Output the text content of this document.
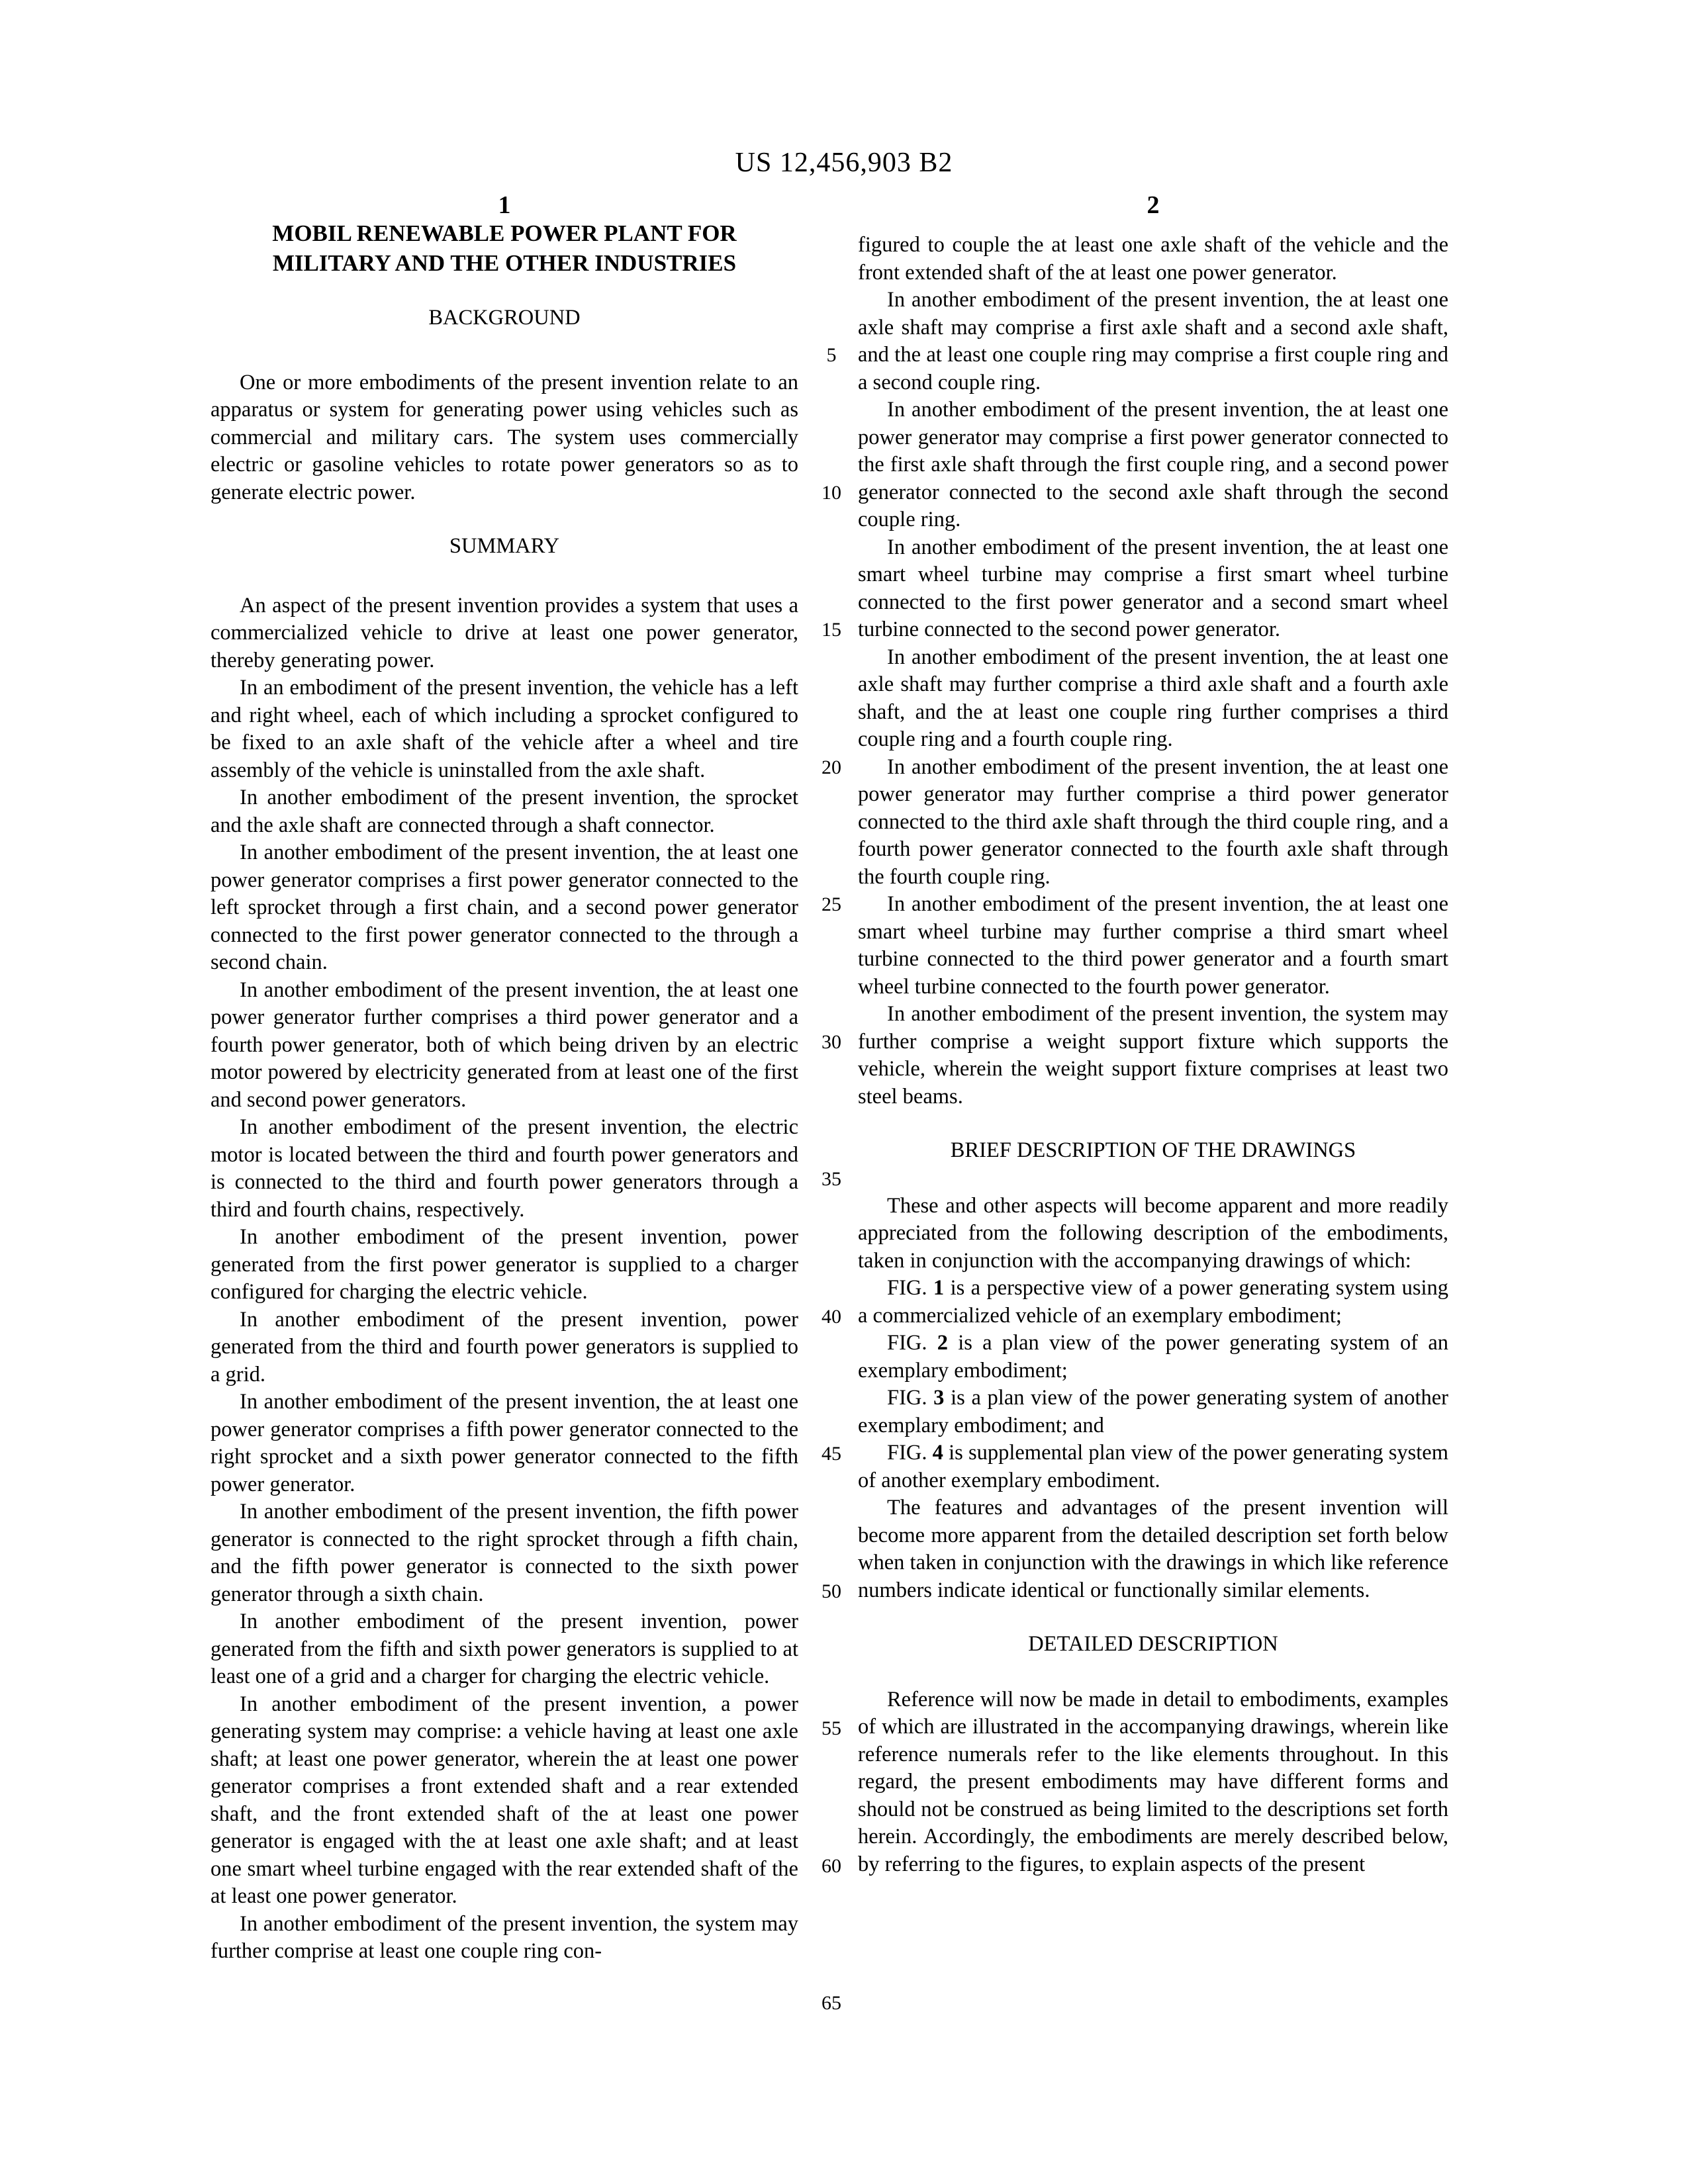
US 12,456,903 B2
1	2
5
10
15
20
25
30
35
40
45
50
55
60
65

MOBIL RENEWABLE POWER PLANT FOR MILITARY AND THE OTHER INDUSTRIES

BACKGROUND

One or more embodiments of the present invention relate to an apparatus or system for generating power using vehicles such as commercial and military cars. The system uses commercially electric or gasoline vehicles to rotate power generators so as to generate electric power.

SUMMARY

An aspect of the present invention provides a system that uses a commercialized vehicle to drive at least one power generator, thereby generating power.

In an embodiment of the present invention, the vehicle has a left and right wheel, each of which including a sprocket configured to be fixed to an axle shaft of the vehicle after a wheel and tire assembly of the vehicle is uninstalled from the axle shaft.

In another embodiment of the present invention, the sprocket and the axle shaft are connected through a shaft connector.

In another embodiment of the present invention, the at least one power generator comprises a first power generator connected to the left sprocket through a first chain, and a second power generator connected to the first power generator connected to the through a second chain.

In another embodiment of the present invention, the at least one power generator further comprises a third power generator and a fourth power generator, both of which being driven by an electric motor powered by electricity generated from at least one of the first and second power generators.

In another embodiment of the present invention, the electric motor is located between the third and fourth power generators and is connected to the third and fourth power generators through a third and fourth chains, respectively.

In another embodiment of the present invention, power generated from the first power generator is supplied to a charger configured for charging the electric vehicle.

In another embodiment of the present invention, power generated from the third and fourth power generators is supplied to a grid.

In another embodiment of the present invention, the at least one power generator comprises a fifth power generator connected to the right sprocket and a sixth power generator connected to the fifth power generator.

In another embodiment of the present invention, the fifth power generator is connected to the right sprocket through a fifth chain, and the fifth power generator is connected to the sixth power generator through a sixth chain.

In another embodiment of the present invention, power generated from the fifth and sixth power generators is supplied to at least one of a grid and a charger for charging the electric vehicle.

In another embodiment of the present invention, a power generating system may comprise: a vehicle having at least one axle shaft; at least one power generator, wherein the at least one power generator comprises a front extended shaft and a rear extended shaft, and the front extended shaft of the at least one power generator is engaged with the at least one axle shaft; and at least one smart wheel turbine engaged with the rear extended shaft of the at least one power generator.

In another embodiment of the present invention, the system may further comprise at least one couple ring con-

figured to couple the at least one axle shaft of the vehicle and the front extended shaft of the at least one power generator.

In another embodiment of the present invention, the at least one axle shaft may comprise a first axle shaft and a second axle shaft, and the at least one couple ring may comprise a first couple ring and a second couple ring.

In another embodiment of the present invention, the at least one power generator may comprise a first power generator connected to the first axle shaft through the first couple ring, and a second power generator connected to the second axle shaft through the second couple ring.

In another embodiment of the present invention, the at least one smart wheel turbine may comprise a first smart wheel turbine connected to the first power generator and a second smart wheel turbine connected to the second power generator.

In another embodiment of the present invention, the at least one axle shaft may further comprise a third axle shaft and a fourth axle shaft, and the at least one couple ring further comprises a third couple ring and a fourth couple ring.

In another embodiment of the present invention, the at least one power generator may further comprise a third power generator connected to the third axle shaft through the third couple ring, and a fourth power generator connected to the fourth axle shaft through the fourth couple ring.

In another embodiment of the present invention, the at least one smart wheel turbine may further comprise a third smart wheel turbine connected to the third power generator and a fourth smart wheel turbine connected to the fourth power generator.

In another embodiment of the present invention, the system may further comprise a weight support fixture which supports the vehicle, wherein the weight support fixture comprises at least two steel beams.

BRIEF DESCRIPTION OF THE DRAWINGS

These and other aspects will become apparent and more readily appreciated from the following description of the embodiments, taken in conjunction with the accompanying drawings of which:

FIG. 1 is a perspective view of a power generating system using a commercialized vehicle of an exemplary embodiment;

FIG. 2 is a plan view of the power generating system of an exemplary embodiment;

FIG. 3 is a plan view of the power generating system of another exemplary embodiment; and

FIG. 4 is supplemental plan view of the power generating system of another exemplary embodiment.

The features and advantages of the present invention will become more apparent from the detailed description set forth below when taken in conjunction with the drawings in which like reference numbers indicate identical or functionally similar elements.

DETAILED DESCRIPTION

Reference will now be made in detail to embodiments, examples of which are illustrated in the accompanying drawings, wherein like reference numerals refer to the like elements throughout. In this regard, the present embodiments may have different forms and should not be construed as being limited to the descriptions set forth herein. Accordingly, the embodiments are merely described below, by referring to the figures, to explain aspects of the present
